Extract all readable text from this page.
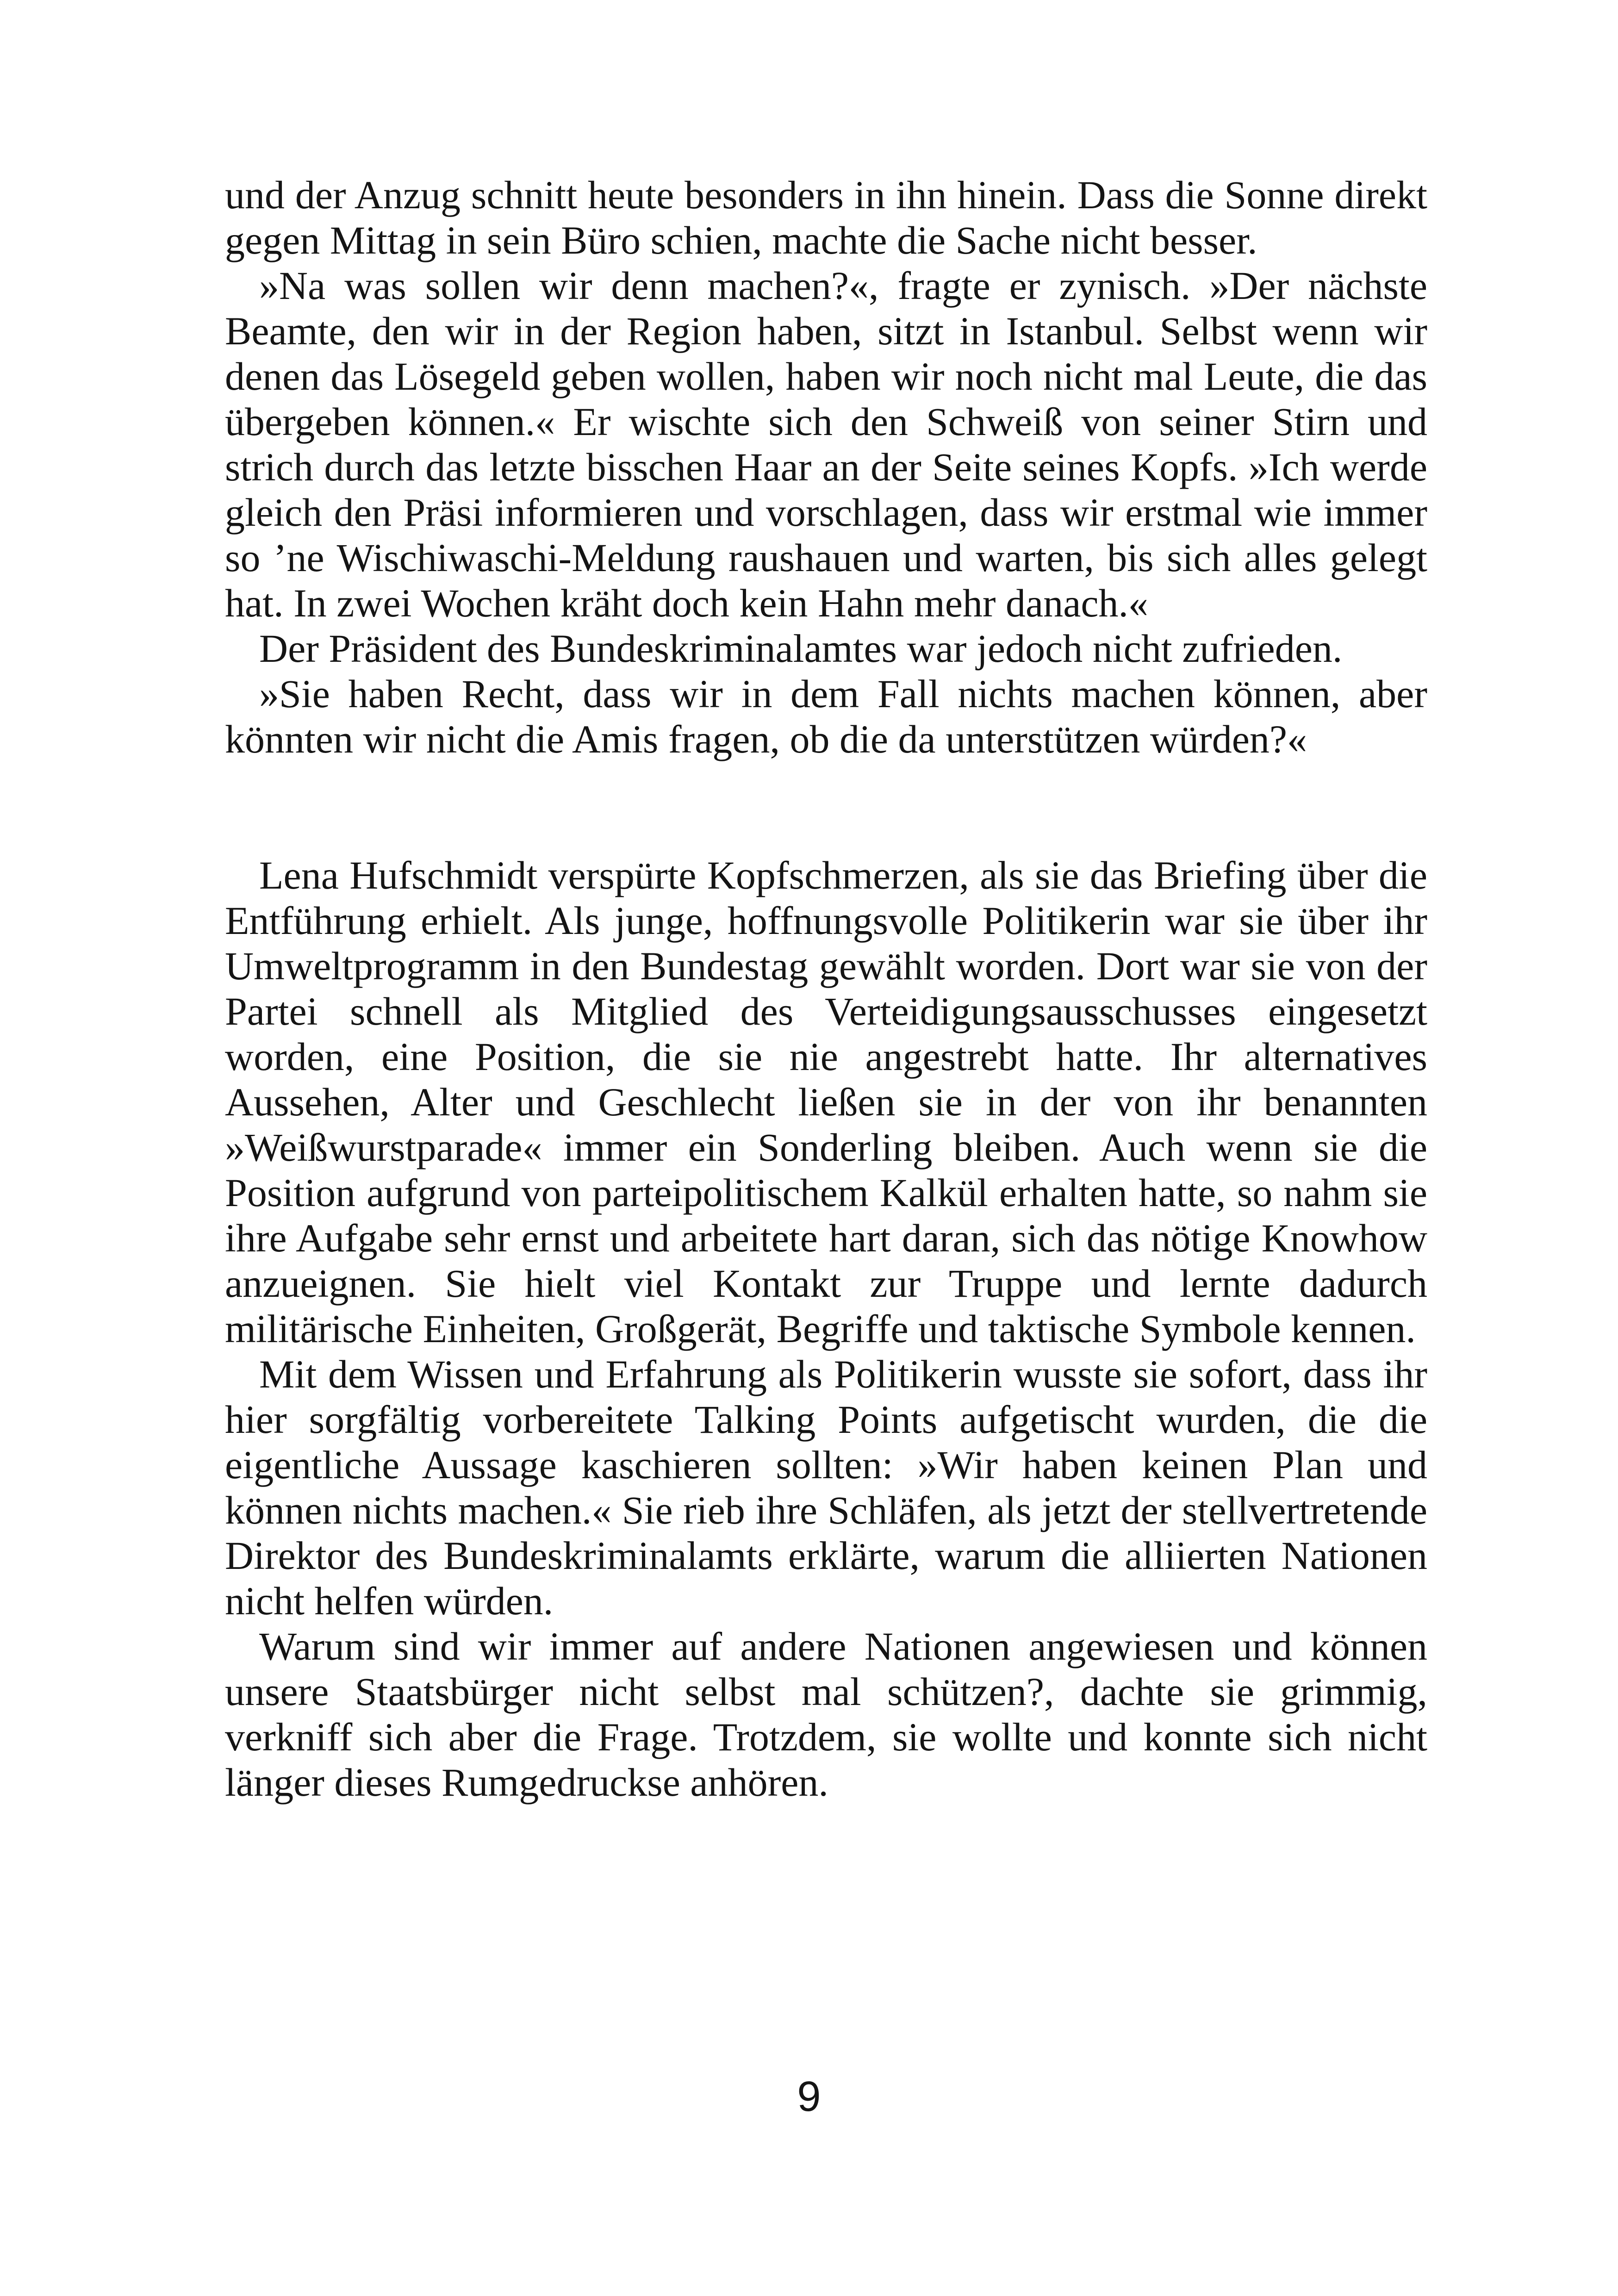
und der Anzug schnitt heute besonders in ihn hinein. Dass die Sonne direkt gegen Mittag in sein Büro schien, machte die Sache nicht besser.

»Na was sollen wir denn machen?«, fragte er zynisch. »Der nächste Beamte, den wir in der Region haben, sitzt in Istanbul. Selbst wenn wir denen das Lösegeld geben wollen, haben wir noch nicht mal Leute, die das übergeben können.« Er wischte sich den Schweiß von seiner Stirn und strich durch das letzte bisschen Haar an der Seite seines Kopfs. »Ich werde gleich den Präsi informieren und vorschlagen, dass wir erstmal wie immer so ’ne Wischiwaschi-Meldung raushauen und warten, bis sich alles gelegt hat. In zwei Wochen kräht doch kein Hahn mehr danach.«

Der Präsident des Bundeskriminalamtes war jedoch nicht zufrieden.

»Sie haben Recht, dass wir in dem Fall nichts machen können, aber könnten wir nicht die Amis fragen, ob die da unterstützen würden?«

Lena Hufschmidt verspürte Kopfschmerzen, als sie das Briefing über die Entführung erhielt. Als junge, hoffnungsvolle Politikerin war sie über ihr Umweltprogramm in den Bundestag gewählt worden. Dort war sie von der Partei schnell als Mitglied des Verteidigungsausschusses eingesetzt worden, eine Position, die sie nie angestrebt hatte. Ihr alternatives Aussehen, Alter und Geschlecht ließen sie in der von ihr benannten »Weißwurstparade« immer ein Sonderling bleiben. Auch wenn sie die Position aufgrund von parteipolitischem Kalkül erhalten hatte, so nahm sie ihre Aufgabe sehr ernst und arbeitete hart daran, sich das nötige Knowhow anzueignen. Sie hielt viel Kontakt zur Truppe und lernte dadurch militärische Einheiten, Großgerät, Begriffe und taktische Symbole kennen.

Mit dem Wissen und Erfahrung als Politikerin wusste sie sofort, dass ihr hier sorgfältig vorbereitete Talking Points aufgetischt wurden, die die eigentliche Aussage kaschieren sollten: »Wir haben keinen Plan und können nichts machen.« Sie rieb ihre Schläfen, als jetzt der stellvertretende Direktor des Bundeskriminalamts erklärte, warum die alliierten Nationen nicht helfen würden.

Warum sind wir immer auf andere Nationen angewiesen und können unsere Staatsbürger nicht selbst mal schützen?, dachte sie grimmig, verkniff sich aber die Frage. Trotzdem, sie wollte und konnte sich nicht länger dieses Rumgedruckse anhören.

9
